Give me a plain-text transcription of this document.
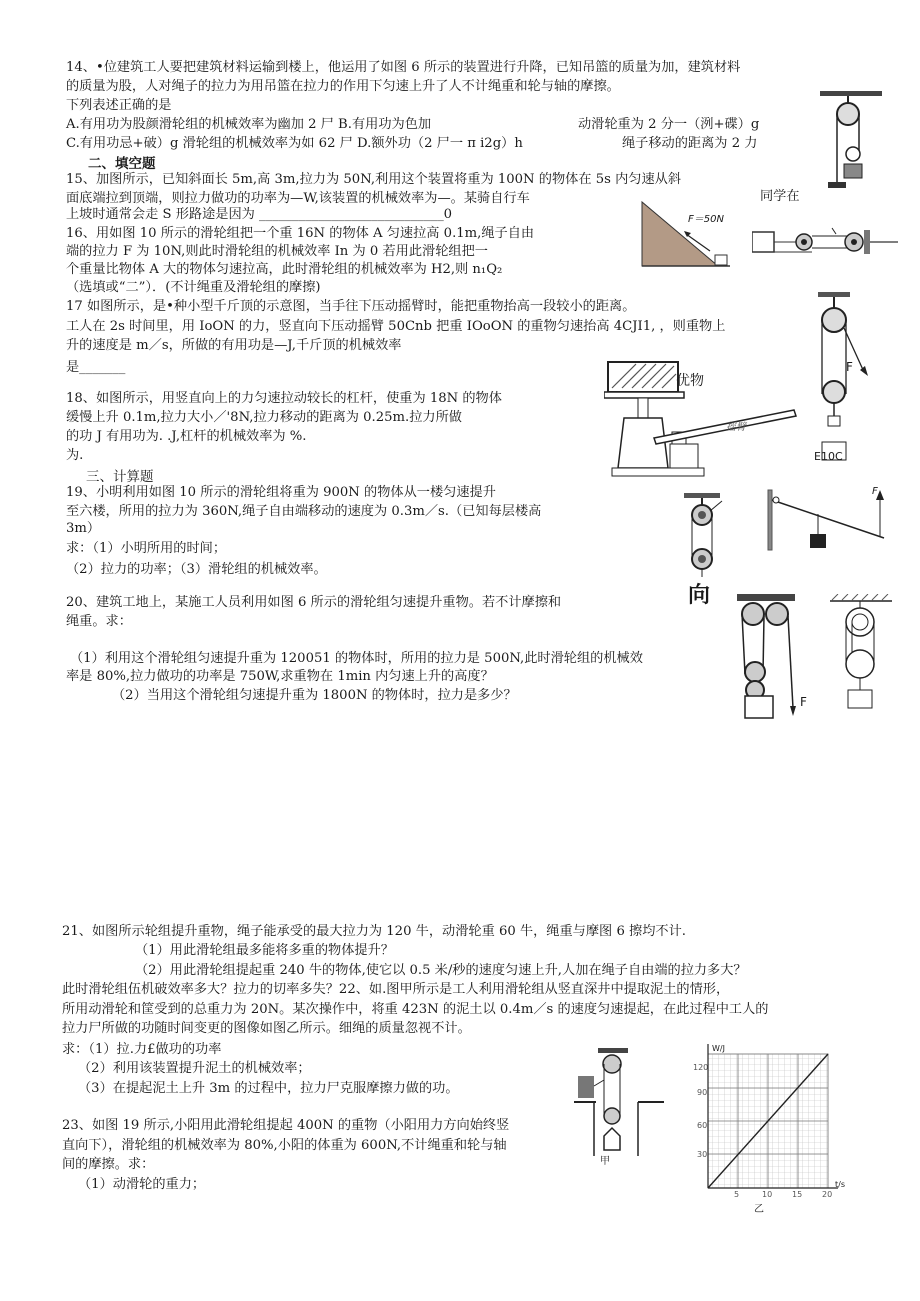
14、•位建筑工人要把建筑材料运输到楼上，他运用了如图 6 所示的装置进行升降，已知吊篮的质量为加，建筑材料
的质量为股，人对绳子的拉力为用吊篮在拉力的作用下匀速上升了人不计绳重和轮与轴的摩擦。
下列表述正确的是
A.有用功为股颜滑轮组的机械效率为幽加 2 尸 B.有用功为色加	动滑轮重为 2 分一（洌+碟）g
C.有用功忌+破）g 滑轮组的机械效率为如 62 尸 D.额外功（2 尸一 π i2g）h	绳子移动的距离为 2 力
二、填空题
15、加图所示，已知斜面长 5m,高 3m,拉力为 50N,利用这个装置将重为 100N 的物体在 5s 内匀速从斜
面底端拉到顶端，则拉力做功的功率为—W,该装置的机械效率为—。某骑自行车	同学在
上坡时通常会走 S 形路途是因为 ____________________________0
16、用如图 10 所示的滑轮组把一个重 16N 的物体 A 匀速拉高 0.1m,绳子自由
端的拉力 F 为 10N,则此时滑轮组的机械效率 In 为 0 若用此滑轮组把一
个重量比物体 A 大的物体匀速拉高，此时滑轮组的机械效率为 H2,则 n₁Q₂
（选填或“二”）．(不计绳重及滑轮组的摩擦)
17 如图所示，是•种小型千斤顶的示意图，当手往下压动摇臂时，能把重物抬高一段较小的距离。
工人在 2s 时间里，用 IoON 的力，竖直向下压动摇臂 50Cnb 把重 IOoON 的重物匀速抬高 4CJI1, ，则重物上
升的速度是 m／s，所做的有用功是—J,千斤顶的机械效率
是_______
18、如图所示，用竖直向上的力匀速拉动较长的杠杆，使重为 18N 的物体
缓慢上升 0.1m,拉力大小／'8N,拉力移动的距离为 0.25m.拉力所做
的功 J 有用功为. .J,杠杆的机械效率为 %.
为.
三、计算题
19、小明利用如图 10 所示的滑轮组将重为 900N 的物体从一楼匀速提升
至六楼，所用的拉力为 360N,绳子自由端移动的速度为 0.3m／s.（已知每层楼高
3m）
求：（1）小明所用的时间；
（2）拉力的功率；（3）滑轮组的机械效率。
20、建筑工地上，某施工人员利用如图 6 所示的滑轮组匀速提升重物。若不计摩擦和
绳重。求：
（1）利用这个滑轮组匀速提升重为 120051 的物体时，所用的拉力是 500N,此时滑轮组的机械效
率是 80%,拉力做功的功率是 750W,求重物在 1min 内匀速上升的高度？
（2）当用这个滑轮组匀速提升重为 1800N 的物体时，拉力是多少？
21、如图所示轮组提升重物，绳子能承受的最大拉力为 120 牛，动滑轮重 60 牛，绳重与摩图 6 擦均不计.
（1）用此滑轮组最多能将多重的物体提升？
（2）用此滑轮组提起重 240 牛的物体,使它以 0.5 米/秒的速度匀速上升,人加在绳子自由端的拉力多大？
此时滑轮组伍机破效率多大？拉力的切率多失？22、如.图甲所示是工人利用滑轮组从竖直深井中提取泥土的情形，
所用动滑轮和筐受到的总重力为 20N。某次操作中，将重 423N 的泥土以 0.4m／s 的速度匀速提起，在此过程中工人的
拉力尸所做的功随时间变更的图像如图乙所示。细绳的质量忽视不计。
求：（1）拉.力£做功的功率
（2）利用该装置提升泥土的机械效率；
（3）在提起泥土上升 3m 的过程中，拉力尸克服摩擦力做的功。
23、如图 19 所示,小阳用此滑轮组提起 400N 的重物（小阳用力方向始终竖
直向下），滑轮组的机械效率为 80%,小阳的体重为 600N,不计绳重和轮与轴
间的摩擦。求：
（1）动滑轮的重力；
F＝50N
F
E10C
优物
摇臂
向
F
F
甲
W/J
120
90
60
30
5	10 15 20
t/s
乙
